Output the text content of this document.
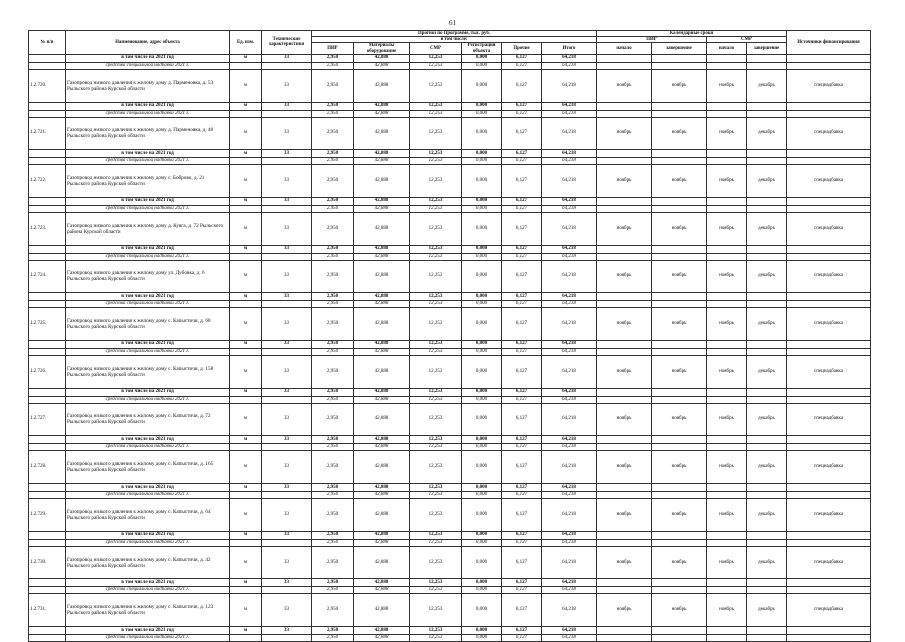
61
№ п/п	Наименование, адрес объекта	Ед. изм.	Технические характеристики	Прогноз по Программе, тыс. руб.						Календарные сроки				Источники финансирования
				в том числе:						ПИР		СМР		
				ПИР	Материалы оборудование	СМР	Регистрация объекта	Прочие	Итого	начало	завершение	начало	завершение	
	в том числе на 2021 год	м	33	2,950	42,888	12,253	0,000	6,127	64,218					
	средства специальной надбавки 2021 г.			2,950	42,888	12,253	0,000	6,127	64,218					
1.2.720.	Газопровод низкого давления к жилому дому д. Парменовка, д. 53 Рыльского района Курской области	м	33	2,950	42,888	12,253	0,000	6,127	64,218	ноябрь	ноябрь	ноябрь	декабрь	спецнадбавка
	в том числе на 2021 год	м	33	2,950	42,888	12,253	0,000	6,127	64,218					
	средства специальной надбавки 2021 г.			2,950	42,888	12,253	0,000	6,127	64,218					
1.2.721.	Газопровод низкого давления к жилому дому д. Парменовка, д. 48 Рыльского района Курской области	м	33	2,950	42,888	12,253	0,000	6,127	64,218	ноябрь	ноябрь	ноябрь	декабрь	спецнадбавка
	в том числе на 2021 год	м	33	2,950	42,888	12,253	0,000	6,127	64,218					
	средства специальной надбавки 2021 г.			2,950	42,888	12,253	0,000	6,127	64,218					
1.2.722.	Газопровод низкого давления к жилому дому с. Боброво, д. 21 Рыльского района Курской области	м	33	2,950	42,888	12,253	0,000	6,127	64,218	ноябрь	ноябрь	ноябрь	декабрь	спецнадбавка
	в том числе на 2021 год	м	33	2,950	42,888	12,253	0,000	6,127	64,218					
	средства специальной надбавки 2021 г.			2,950	42,888	12,253	0,000	6,127	64,218					
1.2.723.	Газопровод низкого давления к жилому дому д. Куяга, д. 72 Рыльского района Курской области	м	33	2,950	42,888	12,253	0,000	6,127	64,218	ноябрь	ноябрь	ноябрь	декабрь	спецнадбавка
	в том числе на 2021 год	м	33	2,950	42,888	12,253	0,000	6,127	64,218					
	средства специальной надбавки 2021 г.			2,950	42,888	12,253	0,000	6,127	64,218					
1.2.724.	Газопровод низкого давления к жилому дому ул. Дубовка, д. 6 Рыльского района Курской области	м	33	2,950	42,888	12,253	0,000	6,127	64,218	ноябрь	ноябрь	ноябрь	декабрь	спецнадбавка
	в том числе на 2021 год	м	33	2,950	42,888	12,253	0,000	6,127	64,218					
	средства специальной надбавки 2021 г.			2,950	42,888	12,253	0,000	6,127	64,218					
1.2.725.	Газопровод низкого давления к жилому дому с. Капыстичи, д. 68 Рыльского района Курской области	м	33	2,950	42,888	12,253	0,000	6,127	64,218	ноябрь	ноябрь	ноябрь	декабрь	спецнадбавка
	в том числе на 2021 год	м	33	2,950	42,888	12,253	0,000	6,127	64,218					
	средства специальной надбавки 2021 г.			2,950	42,888	12,253	0,000	6,127	64,218					
1.2.726.	Газопровод низкого давления к жилому дому с. Капыстичи, д. 158 Рыльского района Курской области	м	33	2,950	42,888	12,253	0,000	6,127	64,218	ноябрь	ноябрь	ноябрь	декабрь	спецнадбавка
	в том числе на 2021 год	м	33	2,950	42,888	12,253	0,000	6,127	64,218					
	средства специальной надбавки 2021 г.			2,950	42,888	12,253	0,000	6,127	64,218					
1.2.727.	Газопровод низкого давления к жилому дому с. Капыстичи, д. 72 Рыльского района Курской области	м	33	2,950	42,888	12,253	0,000	6,127	64,218	ноябрь	ноябрь	ноябрь	декабрь	спецнадбавка
	в том числе на 2021 год	м	33	2,950	42,888	12,253	0,000	6,127	64,218					
	средства специальной надбавки 2021 г.			2,950	42,888	12,253	0,000	6,127	64,218					
1.2.728.	Газопровод низкого давления к жилому дому с. Капыстичи, д. 165 Рыльского района Курской области	м	33	2,950	42,888	12,253	0,000	6,127	64,218	ноябрь	ноябрь	ноябрь	декабрь	спецнадбавка
	в том числе на 2021 год	м	33	2,950	42,888	12,253	0,000	6,127	64,218					
	средства специальной надбавки 2021 г.			2,950	42,888	12,253	0,000	6,127	64,218					
1.2.729.	Газопровод низкого давления к жилому дому с. Капыстичи, д. 64 Рыльского района Курской области	м	33	2,950	42,888	12,253	0,000	6,127	64,218	ноябрь	ноябрь	ноябрь	декабрь	спецнадбавка
	в том числе на 2021 год	м	33	2,950	42,888	12,253	0,000	6,127	64,218					
	средства специальной надбавки 2021 г.			2,950	42,888	12,253	0,000	6,127	64,218					
1.2.730.	Газопровод низкого давления к жилому дому с. Капыстичи, д. 42 Рыльского района Курской области	м	33	2,950	42,888	12,253	0,000	6,127	64,218	ноябрь	ноябрь	ноябрь	декабрь	спецнадбавка
	в том числе на 2021 год	м	33	2,950	42,888	12,253	0,000	6,127	64,218					
	средства специальной надбавки 2021 г.			2,950	42,888	12,253	0,000	6,127	64,218					
1.2.731.	Газопровод низкого давления к жилому дому с. Капыстичи, д. 123 Рыльского района Курской области	м	33	2,950	42,888	12,253	0,000	6,127	64,218	ноябрь	ноябрь	ноябрь	декабрь	спецнадбавка
	в том числе на 2021 год	м	33	2,950	42,888	12,253	0,000	6,127	64,218					
	средства специальной надбавки 2021 г.			2,950	42,888	12,253	0,000	6,127	64,218					
